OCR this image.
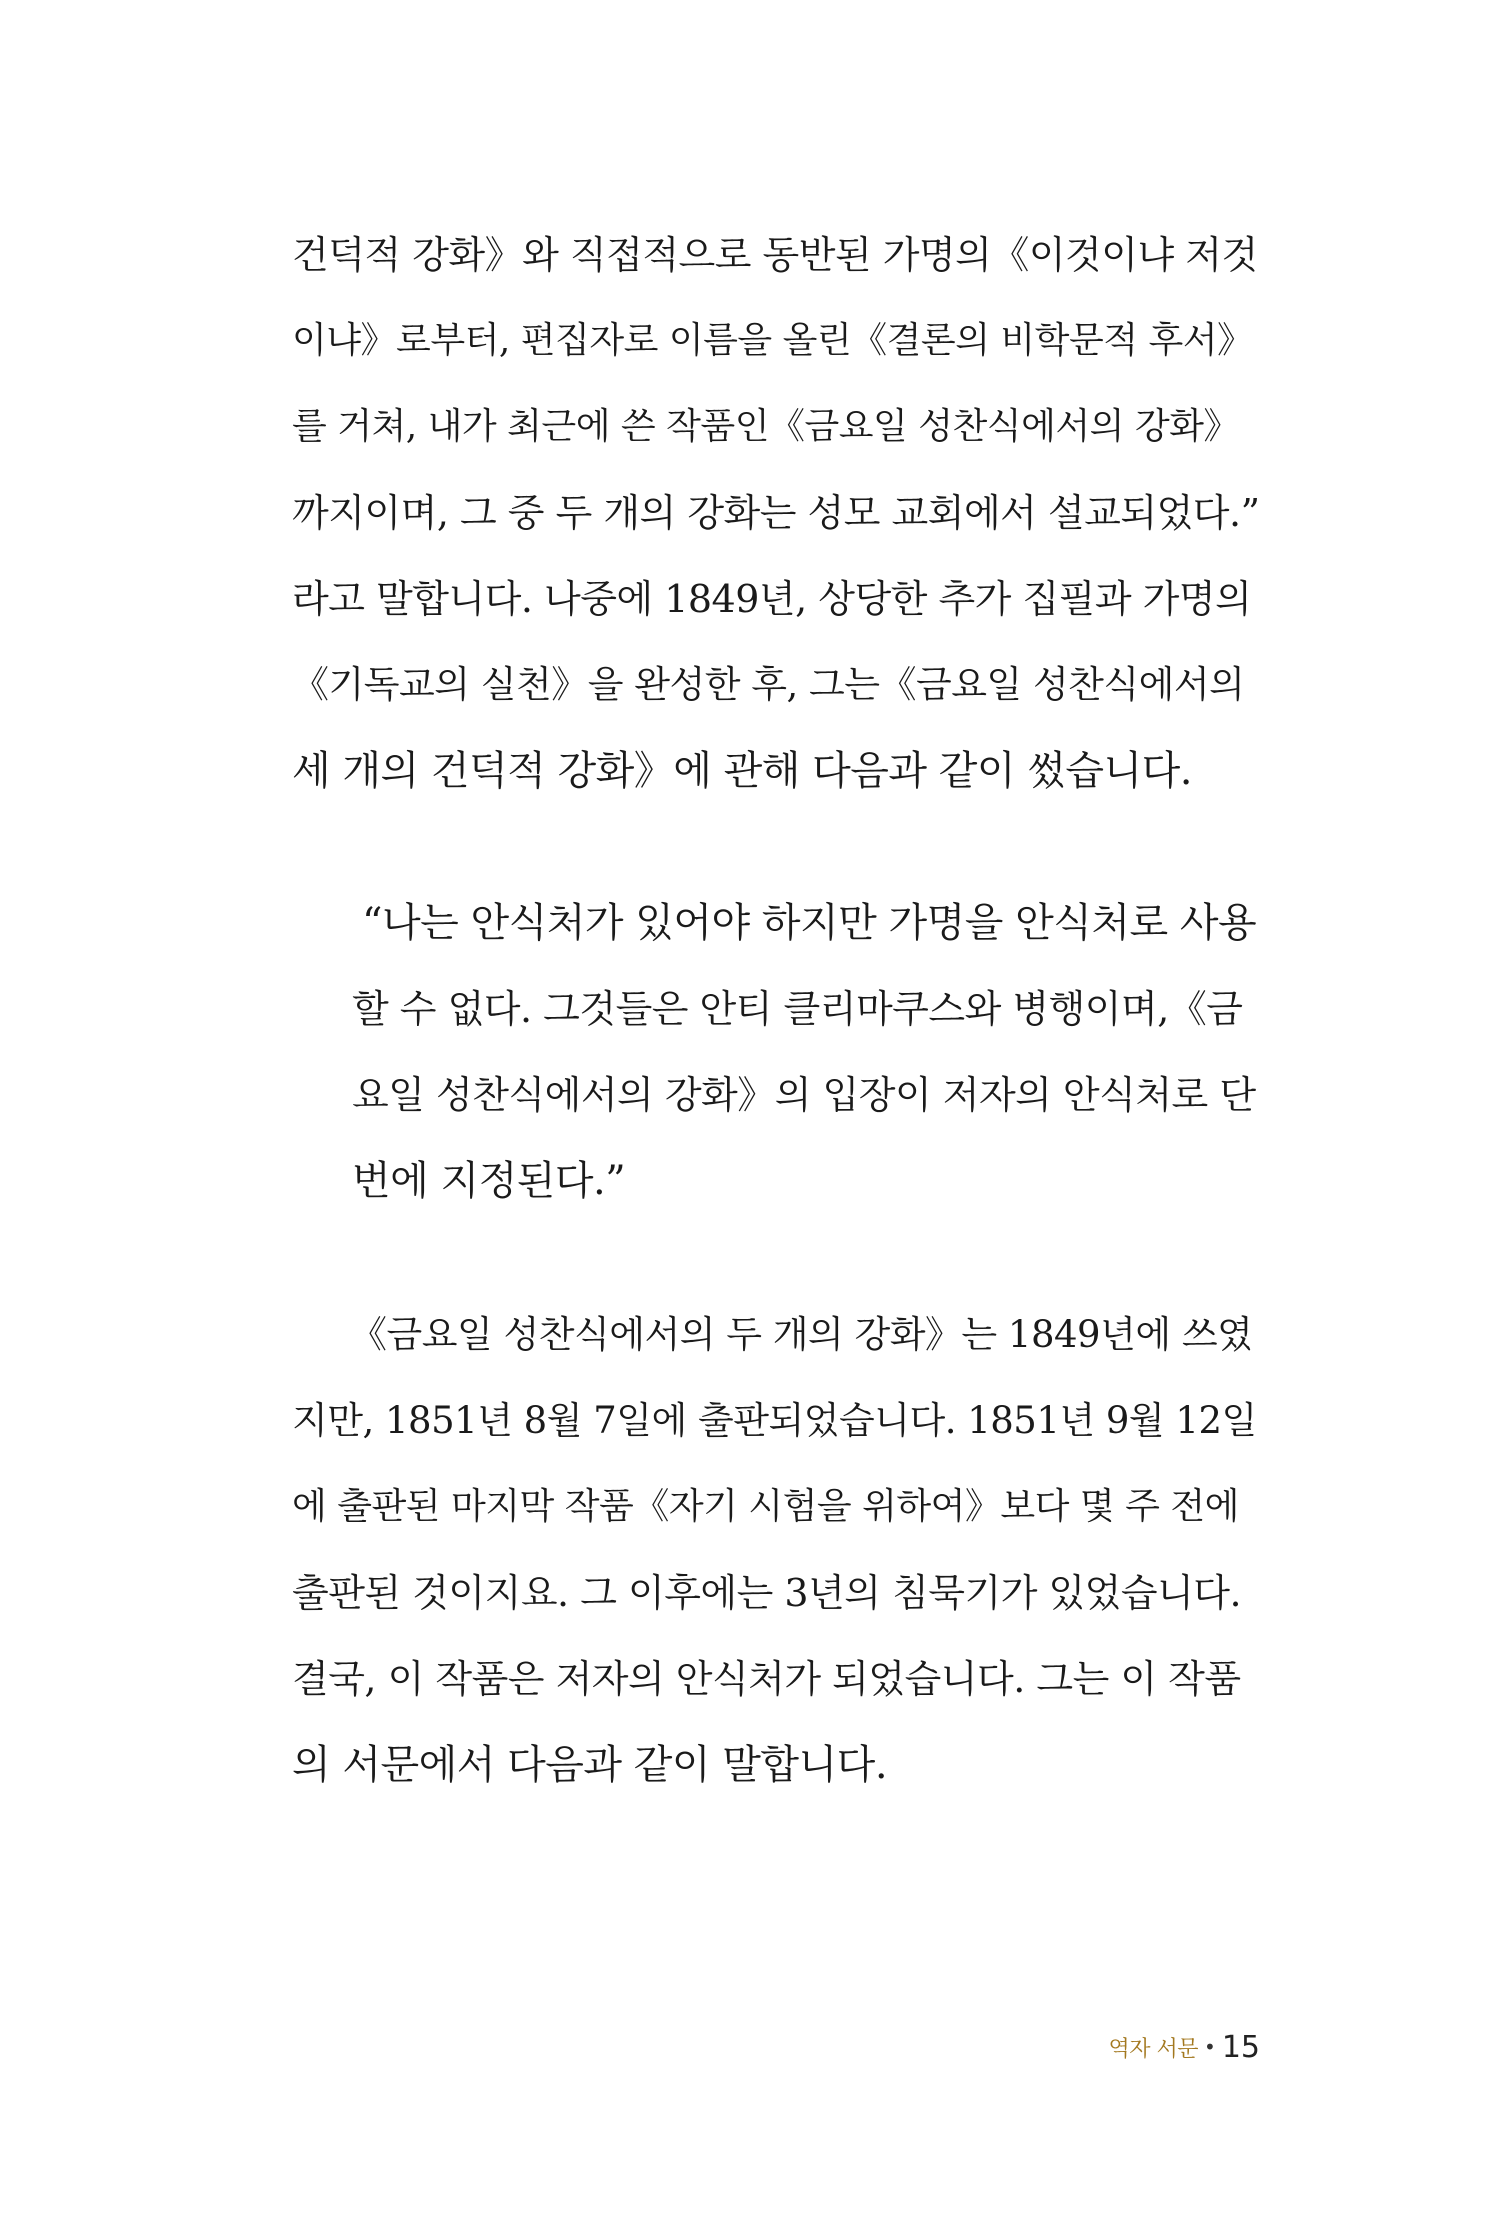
건덕적 강화》와 직접적으로 동반된 가명의《이것이냐 저것
이냐》로부터, 편집자로 이름을 올린《결론의 비학문적 후서》
를 거쳐, 내가 최근에 쓴 작품인《금요일 성찬식에서의 강화》
까지이며, 그 중 두 개의 강화는 성모 교회에서 설교되었다.”
라고 말합니다. 나중에 1849년, 상당한 추가 집필과 가명의
《기독교의 실천》을 완성한 후, 그는《금요일 성찬식에서의
세 개의 건덕적 강화》에 관해 다음과 같이 썼습니다.
“나는 안식처가 있어야 하지만 가명을 안식처로 사용
할 수 없다. 그것들은 안티 클리마쿠스와 병행이며,《금
요일 성찬식에서의 강화》의 입장이 저자의 안식처로 단
번에 지정된다.”
《금요일 성찬식에서의 두 개의 강화》는 1849년에 쓰였
지만, 1851년 8월 7일에 출판되었습니다. 1851년 9월 12일
에 출판된 마지막 작품《자기 시험을 위하여》보다 몇 주 전에
출판된 것이지요. 그 이후에는 3년의 침묵기가 있었습니다.
결국, 이 작품은 저자의 안식처가 되었습니다. 그는 이 작품
의 서문에서 다음과 같이 말합니다.
역자 서문 • 15
